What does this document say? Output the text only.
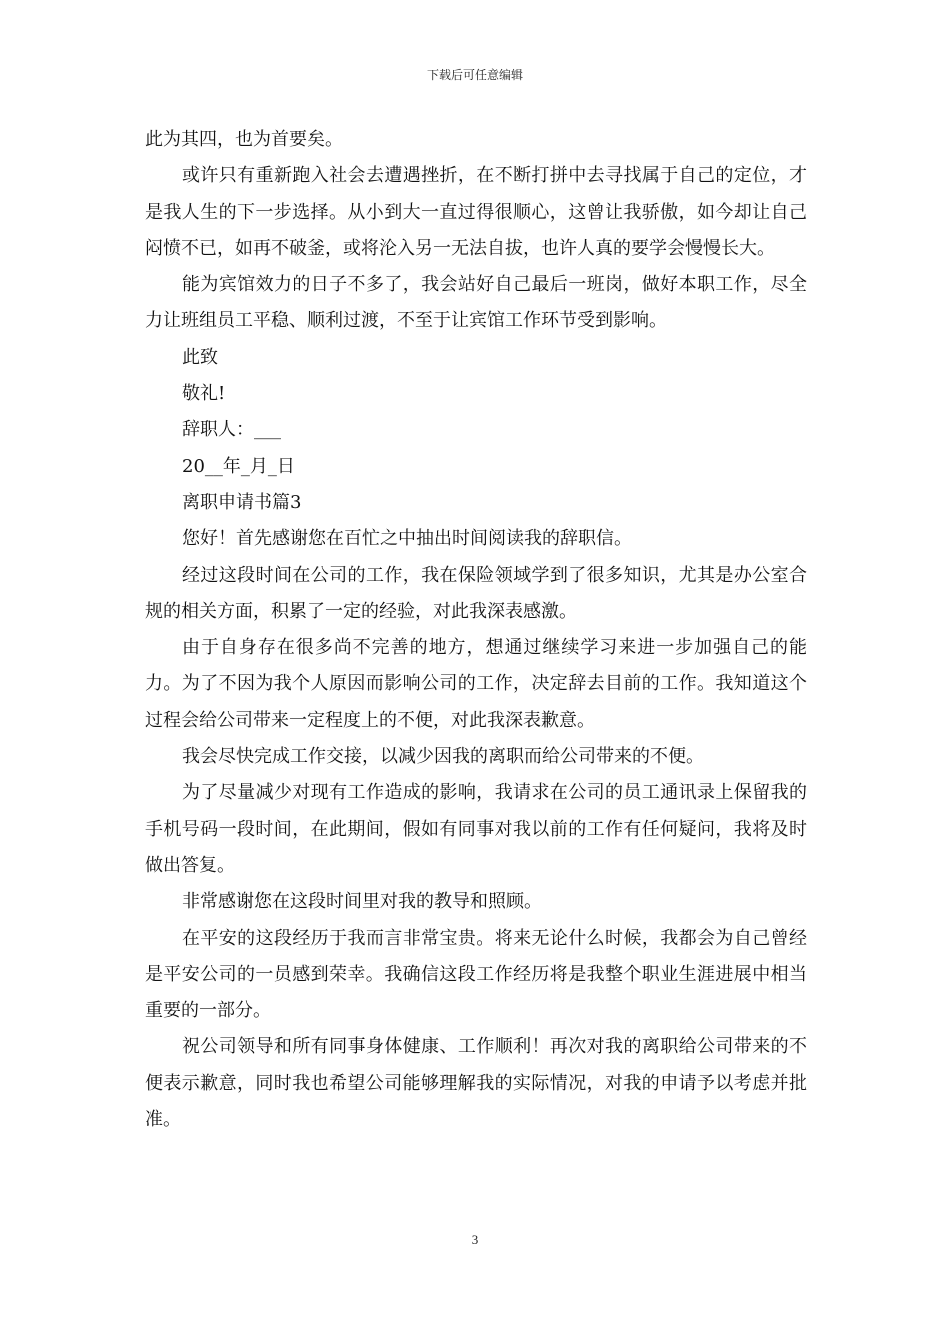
下载后可任意编辑

此为其四，也为首要矣。

或许只有重新跑入社会去遭遇挫折，在不断打拼中去寻找属于自己的定位，才是我人生的下一步选择。从小到大一直过得很顺心，这曾让我骄傲，如今却让自己闷愤不已，如再不破釜，或将沦入另一无法自拔，也许人真的要学会慢慢长大。

能为宾馆效力的日子不多了，我会站好自己最后一班岗，做好本职工作，尽全力让班组员工平稳、顺利过渡，不至于让宾馆工作环节受到影响。

此致

敬礼!

辞职人：___

20__年_月_日

离职申请书篇3

您好！首先感谢您在百忙之中抽出时间阅读我的辞职信。

经过这段时间在公司的工作，我在保险领域学到了很多知识，尤其是办公室合规的相关方面，积累了一定的经验，对此我深表感激。

由于自身存在很多尚不完善的地方，想通过继续学习来进一步加强自己的能力。为了不因为我个人原因而影响公司的工作，决定辞去目前的工作。我知道这个过程会给公司带来一定程度上的不便，对此我深表歉意。

我会尽快完成工作交接，以减少因我的离职而给公司带来的不便。

为了尽量减少对现有工作造成的影响，我请求在公司的员工通讯录上保留我的手机号码一段时间，在此期间，假如有同事对我以前的工作有任何疑问，我将及时做出答复。

非常感谢您在这段时间里对我的教导和照顾。

在平安的这段经历于我而言非常宝贵。将来无论什么时候，我都会为自己曾经是平安公司的一员感到荣幸。我确信这段工作经历将是我整个职业生涯进展中相当重要的一部分。

祝公司领导和所有同事身体健康、工作顺利！再次对我的离职给公司带来的不便表示歉意，同时我也希望公司能够理解我的实际情况，对我的申请予以考虑并批准。

3
